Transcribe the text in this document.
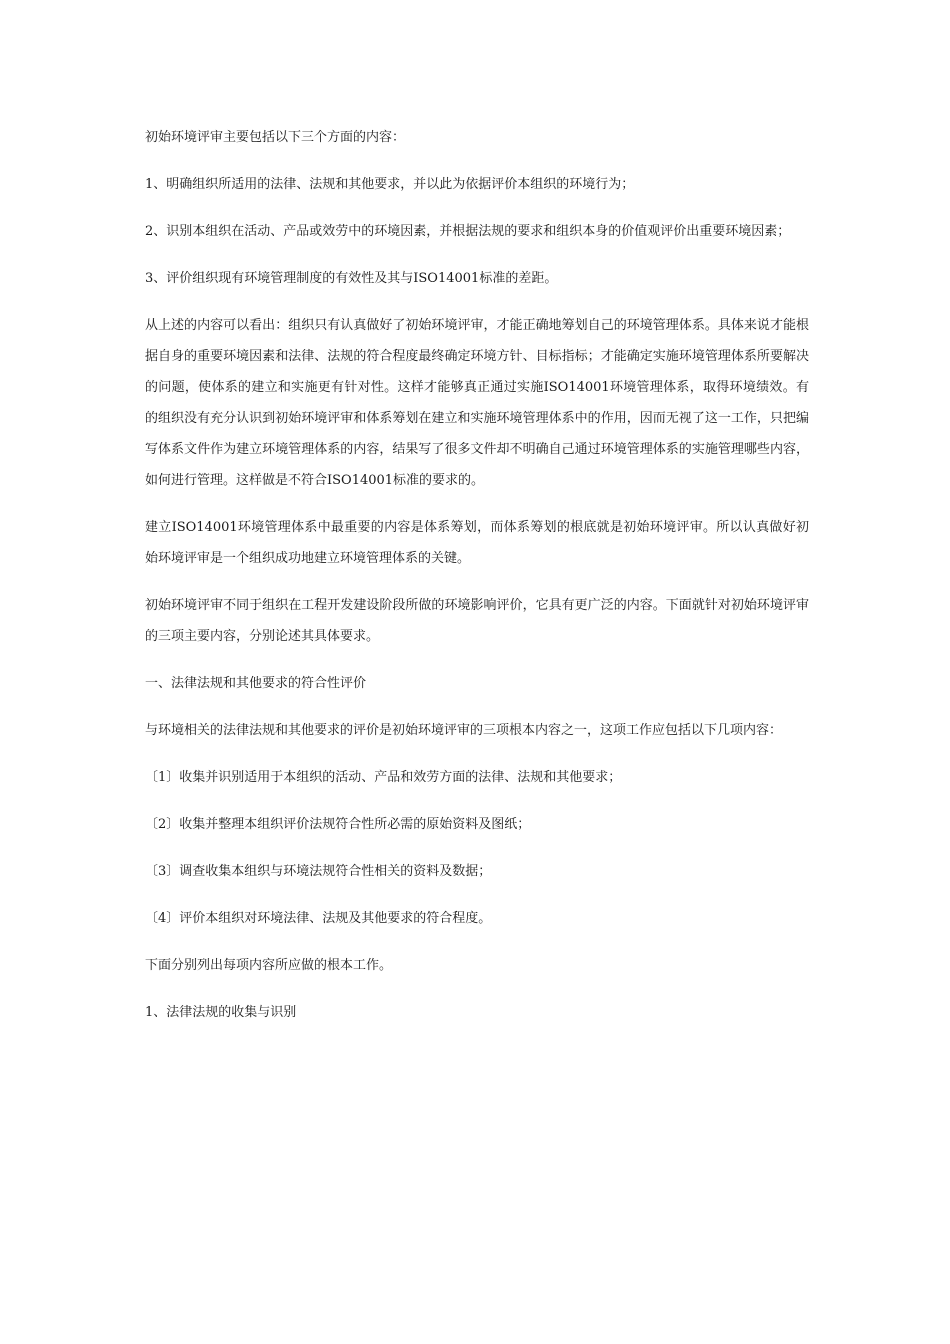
初始环境评审主要包括以下三个方面的内容：

1、明确组织所适用的法律、法规和其他要求，并以此为依据评价本组织的环境行为；

2、识别本组织在活动、产品或效劳中的环境因素，并根据法规的要求和组织本身的价值观评价出重要环境因素；

3、评价组织现有环境管理制度的有效性及其与ISO14001标准的差距。

从上述的内容可以看出：组织只有认真做好了初始环境评审，才能正确地筹划自己的环境管理体系。具体来说才能根据自身的重要环境因素和法律、法规的符合程度最终确定环境方针、目标指标；才能确定实施环境管理体系所要解决的问题，使体系的建立和实施更有针对性。这样才能够真正通过实施ISO14001环境管理体系，取得环境绩效。有的组织没有充分认识到初始环境评审和体系筹划在建立和实施环境管理体系中的作用，因而无视了这一工作，只把编写体系文件作为建立环境管理体系的内容，结果写了很多文件却不明确自己通过环境管理体系的实施管理哪些内容，如何进行管理。这样做是不符合ISO14001标准的要求的。

建立ISO14001环境管理体系中最重要的内容是体系筹划，而体系筹划的根底就是初始环境评审。所以认真做好初始环境评审是一个组织成功地建立环境管理体系的关键。

初始环境评审不同于组织在工程开发建设阶段所做的环境影响评价，它具有更广泛的内容。下面就针对初始环境评审的三项主要内容，分别论述其具体要求。

一、法律法规和其他要求的符合性评价

与环境相关的法律法规和其他要求的评价是初始环境评审的三项根本内容之一，这项工作应包括以下几项内容：

〔1〕收集并识别适用于本组织的活动、产品和效劳方面的法律、法规和其他要求；

〔2〕收集并整理本组织评价法规符合性所必需的原始资料及图纸；

〔3〕调查收集本组织与环境法规符合性相关的资料及数据；

〔4〕评价本组织对环境法律、法规及其他要求的符合程度。

下面分别列出每项内容所应做的根本工作。

1、法律法规的收集与识别
